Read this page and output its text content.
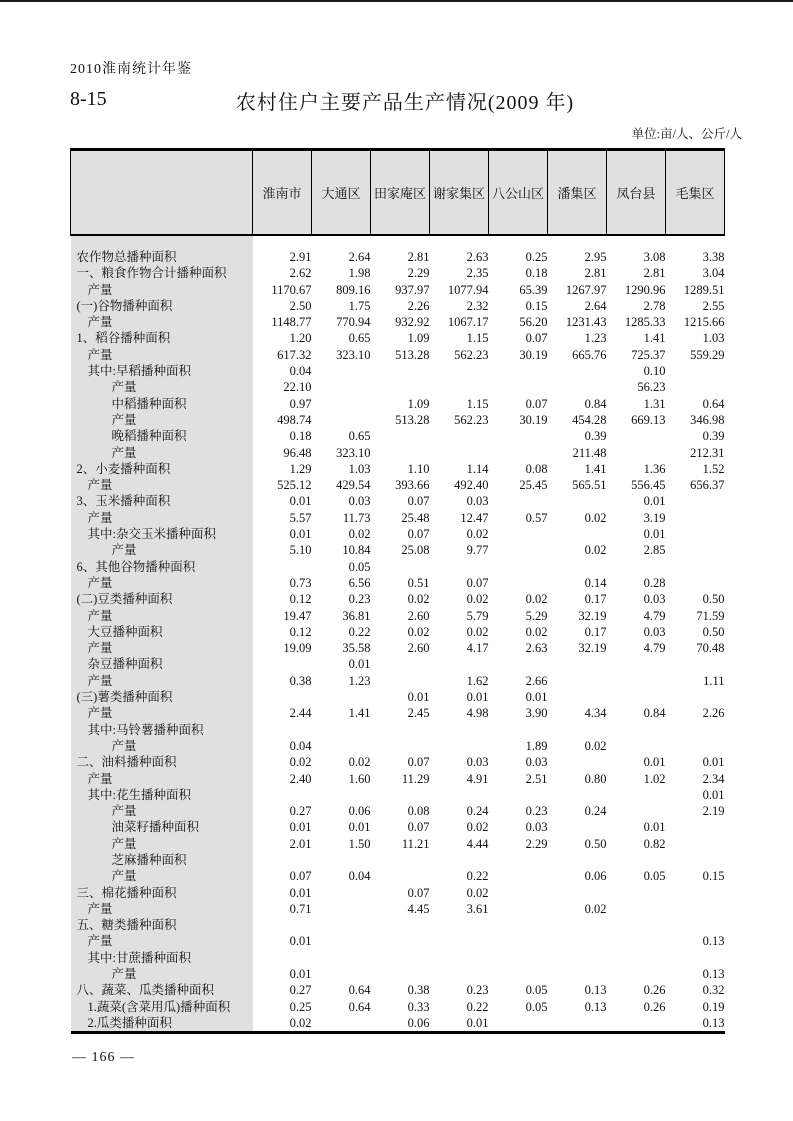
2010淮南统计年鉴
8-15	农村住户主要产品生产情况(2009 年)
单位:亩/人、公斤/人
	淮南市	大通区	田家庵区	谢家集区	八公山区	潘集区	凤台县	毛集区
农作物总播种面积	2.91	2.64	2.81	2.63	0.25	2.95	3.08	3.38
一、粮食作物合计播种面积	2.62	1.98	2.29	2.35	0.18	2.81	2.81	3.04
产量	1170.67	809.16	937.97	1077.94	65.39	1267.97	1290.96	1289.51
(一)谷物播种面积	2.50	1.75	2.26	2.32	0.15	2.64	2.78	2.55
产量	1148.77	770.94	932.92	1067.17	56.20	1231.43	1285.33	1215.66
1、稻谷播种面积	1.20	0.65	1.09	1.15	0.07	1.23	1.41	1.03
产量	617.32	323.10	513.28	562.23	30.19	665.76	725.37	559.29
其中:早稻播种面积	0.04						0.10	
产量	22.10						56.23	
中稻播种面积	0.97		1.09	1.15	0.07	0.84	1.31	0.64
产量	498.74		513.28	562.23	30.19	454.28	669.13	346.98
晚稻播种面积	0.18	0.65				0.39		0.39
产量	96.48	323.10				211.48		212.31
2、小麦播种面积	1.29	1.03	1.10	1.14	0.08	1.41	1.36	1.52
产量	525.12	429.54	393.66	492.40	25.45	565.51	556.45	656.37
3、玉米播种面积	0.01	0.03	0.07	0.03			0.01	
产量	5.57	11.73	25.48	12.47	0.57	0.02	3.19	
其中:杂交玉米播种面积	0.01	0.02	0.07	0.02			0.01	
产量	5.10	10.84	25.08	9.77		0.02	2.85	
6、其他谷物播种面积		0.05						
产量	0.73	6.56	0.51	0.07		0.14	0.28	
(二)豆类播种面积	0.12	0.23	0.02	0.02	0.02	0.17	0.03	0.50
产量	19.47	36.81	2.60	5.79	5.29	32.19	4.79	71.59
大豆播种面积	0.12	0.22	0.02	0.02	0.02	0.17	0.03	0.50
产量	19.09	35.58	2.60	4.17	2.63	32.19	4.79	70.48
杂豆播种面积		0.01						
产量	0.38	1.23		1.62	2.66			1.11
(三)薯类播种面积			0.01	0.01	0.01			
产量	2.44	1.41	2.45	4.98	3.90	4.34	0.84	2.26
其中:马铃薯播种面积								
产量	0.04				1.89	0.02		
二、油料播种面积	0.02	0.02	0.07	0.03	0.03		0.01	0.01
产量	2.40	1.60	11.29	4.91	2.51	0.80	1.02	2.34
其中:花生播种面积								0.01
产量	0.27	0.06	0.08	0.24	0.23	0.24		2.19
油菜籽播种面积	0.01	0.01	0.07	0.02	0.03		0.01	
产量	2.01	1.50	11.21	4.44	2.29	0.50	0.82	
芝麻播种面积								
产量	0.07	0.04		0.22		0.06	0.05	0.15
三、棉花播种面积	0.01		0.07	0.02				
产量	0.71		4.45	3.61		0.02		
五、糖类播种面积								
产量	0.01							0.13
其中:甘蔗播种面积								
产量	0.01							0.13
八、蔬菜、瓜类播种面积	0.27	0.64	0.38	0.23	0.05	0.13	0.26	0.32
1.蔬菜(含菜用瓜)播种面积	0.25	0.64	0.33	0.22	0.05	0.13	0.26	0.19
2.瓜类播种面积	0.02		0.06	0.01				0.13
— 166 —
